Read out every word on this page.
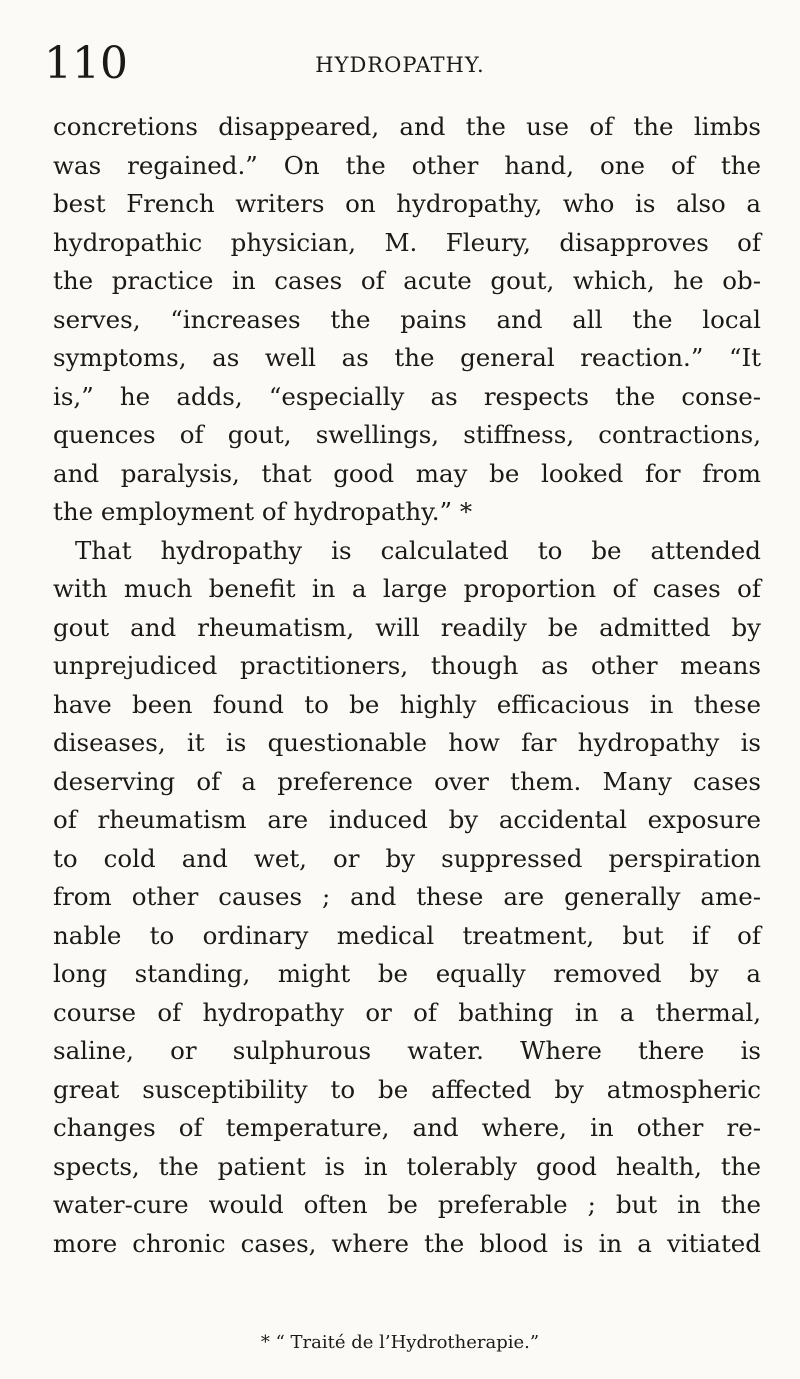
110	HYDROPATHY.
concretions disappeared, and the use of the limbs
was regained.” On the other hand, one of the
best French writers on hydropathy, who is also a
hydropathic physician, M. Fleury, disapproves of
the practice in cases of acute gout, which, he ob-
serves, “increases the pains and all the local
symptoms, as well as the general reaction.” “It
is,” he adds, “especially as respects the conse-
quences of gout, swellings, stiffness, contractions,
and paralysis, that good may be looked for from
the employment of hydropathy.” *
That hydropathy is calculated to be attended
with much benefit in a large proportion of cases of
gout and rheumatism, will readily be admitted by
unprejudiced practitioners, though as other means
have been found to be highly efficacious in these
diseases, it is questionable how far hydropathy is
deserving of a preference over them. Many cases
of rheumatism are induced by accidental exposure
to cold and wet, or by suppressed perspiration
from other causes ; and these are generally ame-
nable to ordinary medical treatment, but if of
long standing, might be equally removed by a
course of hydropathy or of bathing in a thermal,
saline, or sulphurous water. Where there is
great susceptibility to be affected by atmospheric
changes of temperature, and where, in other re-
spects, the patient is in tolerably good health, the
water-cure would often be preferable ; but in the
more chronic cases, where the blood is in a vitiated
* “ Traité de l’Hydrotherapie.”
